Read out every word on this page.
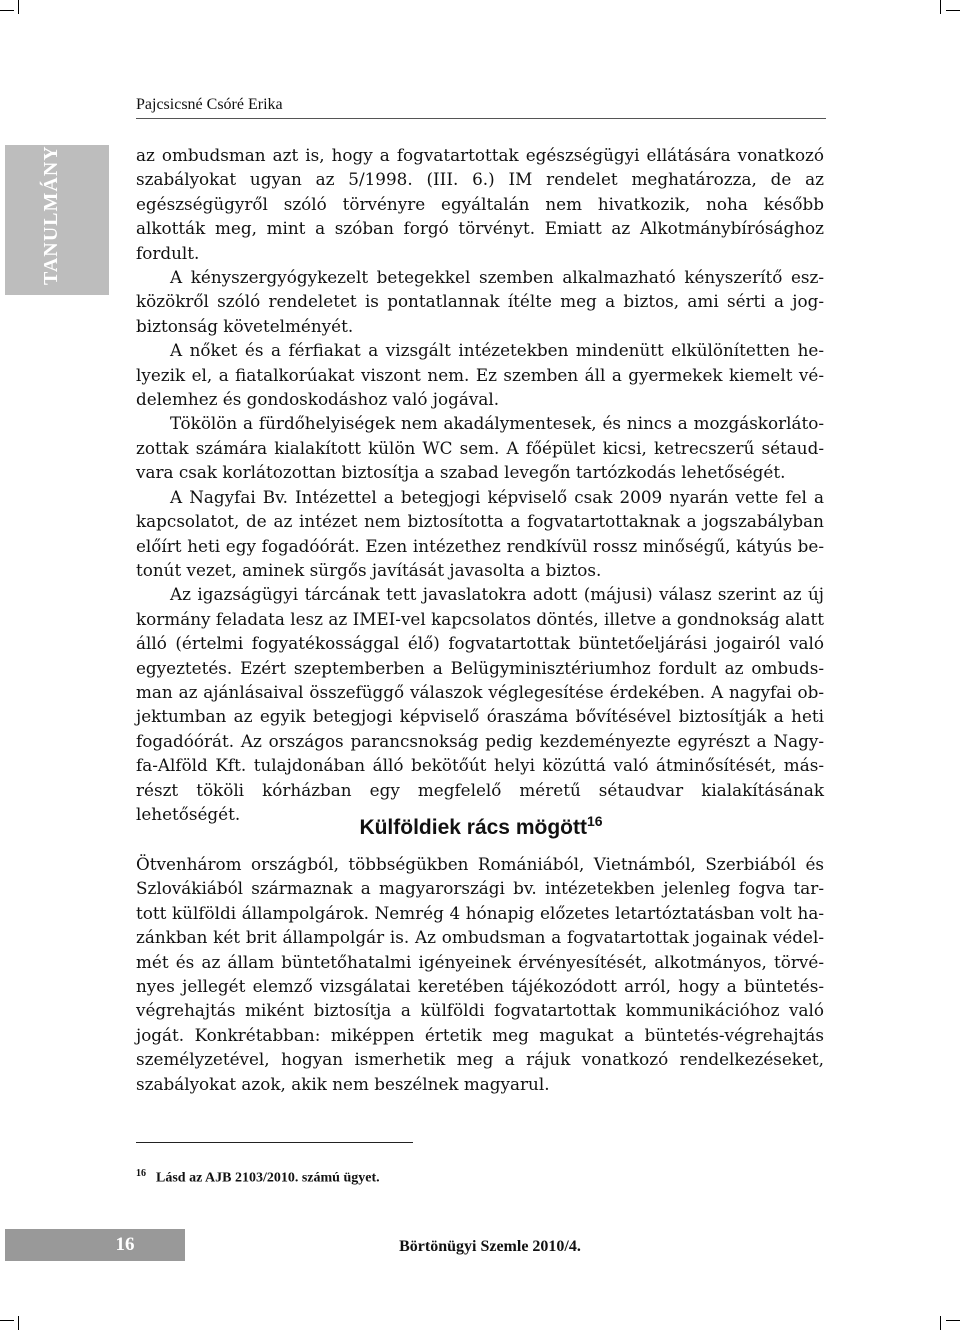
Pajcsicsné Csóré Erika
TANULMÁNY	az ombudsman azt is, hogy a fogvatartottak egészségügyi ellátására vonatkozó szabályokat ugyan az 5/1998. (III. 6.) IM rendelet meghatározza, de az egészségügyről szóló törvényre egyáltalán nem hivatkozik, noha később alkották meg, mint a szóban forgó törvényt. Emiatt az Alkotmánybírósághoz fordult.

A kényszergyógykezelt betegekkel szemben alkalmazható kényszerítő eszközökről szóló rendeletet is pontatlannak ítélte meg a biztos, ami sérti a jogbiztonság követelményét.

A nőket és a férfiakat a vizsgált intézetekben mindenütt elkülönítetten helyezik el, a fiatalkorúakat viszont nem. Ez szemben áll a gyermekek kiemelt védelemhez és gondoskodáshoz való jogával.

Tökölön a fürdőhelyiségek nem akadálymentesek, és nincs a mozgáskorlátozottak számára kialakított külön WC sem. A főépület kicsi, ketrecszerű sétaudvara csak korlátozottan biztosítja a szabad levegőn tartózkodás lehetőségét.

A Nagyfai Bv. Intézettel a betegjogi képviselő csak 2009 nyarán vette fel a kapcsolatot, de az intézet nem biztosította a fogvatartottaknak a jogszabályban előírt heti egy fogadóórát. Ezen intézethez rendkívül rossz minőségű, kátyús betonút vezet, aminek sürgős javítását javasolta a biztos.

Az igazságügyi tárcának tett javaslatokra adott (májusi) válasz szerint az új kormány feladata lesz az IMEI-vel kapcsolatos döntés, illetve a gondnokság alatt álló (értelmi fogyatékossággal élő) fogvatartottak büntetőeljárási jogairól való egyeztetés. Ezért szeptemberben a Belügyminisztériumhoz fordult az ombudsman az ajánlásaival összefüggő válaszok véglegesítése érdekében. A nagyfai objektumban az egyik betegjogi képviselő óraszáma bővítésével biztosítják a heti fogadóórát. Az országos parancsnokság pedig kezdeményezte egyrészt a Nagyfa-Alföld Kft. tulajdonában álló bekötőút helyi közúttá való átminősítését, másrészt tököli kórházban egy megfelelő méretű sétaudvar kialakításának lehetőségét.

Külföldiek rács mögött$^{16}$

Ötvenhárom országból, többségükben Romániából, Vietnámból, Szerbiából és Szlovákiából származnak a magyarországi bv. intézetekben jelenleg fogva tartott külföldi állampolgárok. Nemrég 4 hónapig előzetes letartóztatásban volt hazánkban két brit állampolgár is. Az ombudsman a fogvatartottak jogainak védelmét és az állam büntetőhatalmi igényeinek érvényesítését, alkotmányos, törvényes jellegét elemző vizsgálatai keretében tájékozódott arról, hogy a büntetésvégrehajtás miként biztosítja a külföldi fogvatartottak kommunikációhoz való jogát. Konkrétabban: miképpen értetik meg magukat a büntetés-végrehajtás személyzetével, hogyan ismerhetik meg a rájuk vonatkozó rendelkezéseket, szabályokat azok, akik nem beszélnek magyarul.

$^{16}$ Lásd az AJB 2103/2010. számú ügyet.
16	Börtönügyi Szemle 2010/4.
